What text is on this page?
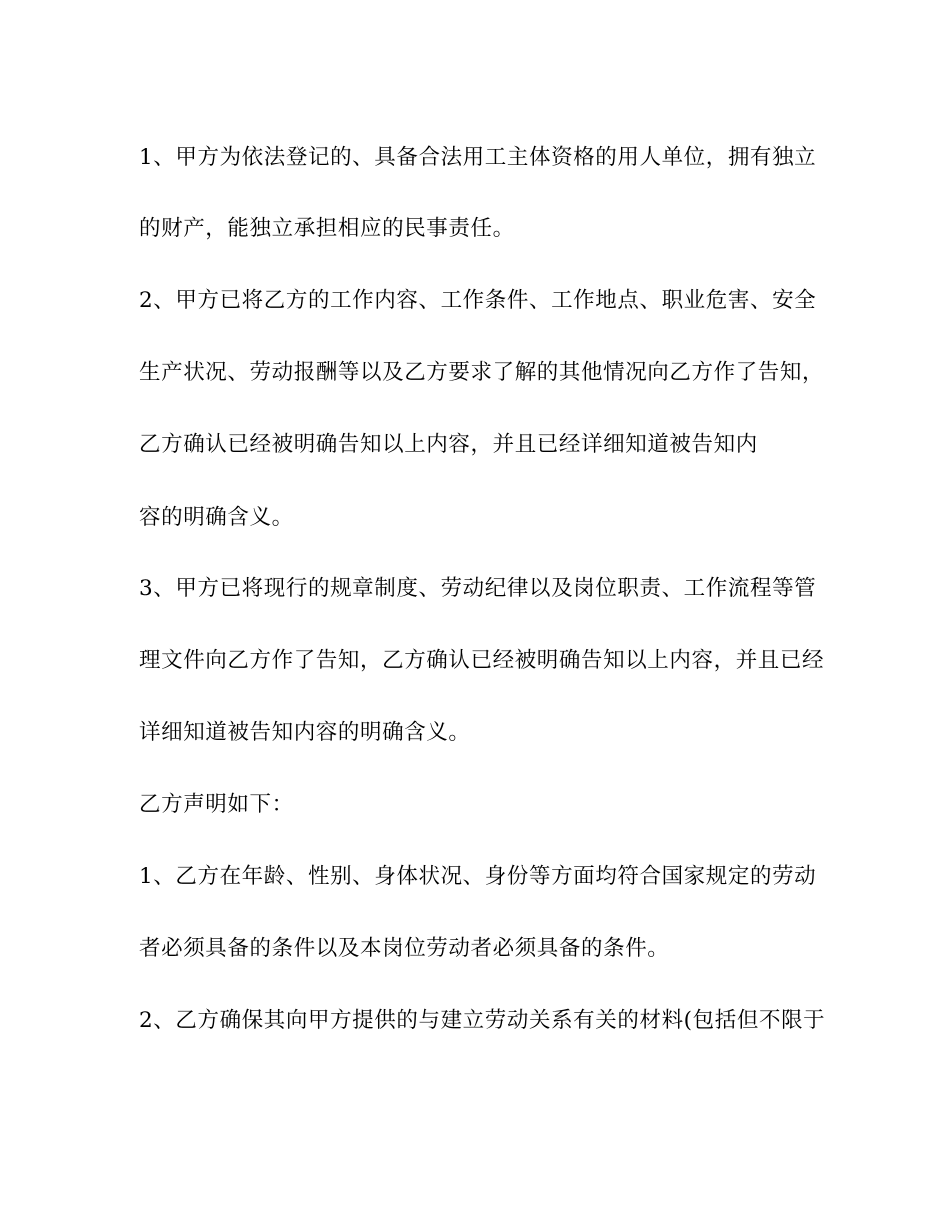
1、甲方为依法登记的、具备合法用工主体资格的用人单位，拥有独立
的财产，能独立承担相应的民事责任。
2、甲方已将乙方的工作内容、工作条件、工作地点、职业危害、安全
生产状况、劳动报酬等以及乙方要求了解的其他情况向乙方作了告知，
乙方确认已经被明确告知以上内容，并且已经详细知道被告知内
容的明确含义。
3、甲方已将现行的规章制度、劳动纪律以及岗位职责、工作流程等管
理文件向乙方作了告知，乙方确认已经被明确告知以上内容，并且已经
详细知道被告知内容的明确含义。
乙方声明如下：
1、乙方在年龄、性别、身体状况、身份等方面均符合国家规定的劳动
者必须具备的条件以及本岗位劳动者必须具备的条件。
2、乙方确保其向甲方提供的与建立劳动关系有关的材料(包括但不限于
